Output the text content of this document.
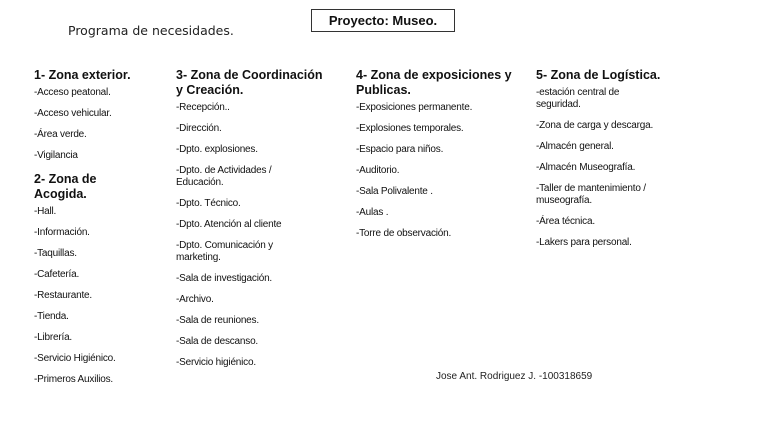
Programa de necesidades.
Proyecto: Museo.
1- Zona exterior.
-Acceso peatonal.
-Acceso vehicular.
-Área verde.
-Vigilancia
2- Zona de Acogida.
-Hall.
-Información.
-Taquillas.
-Cafetería.
-Restaurante.
-Tienda.
-Librería.
-Servicio Higiénico.
-Primeros Auxilios.
3- Zona de Coordinación y Creación.
-Recepción..
-Dirección.
-Dpto. explosiones.
-Dpto. de Actividades / Educación.
-Dpto. Técnico.
-Dpto. Atención al cliente
-Dpto. Comunicación y marketing.
-Sala de investigación.
-Archivo.
-Sala de reuniones.
-Sala de descanso.
-Servicio higiénico.
4- Zona de exposiciones y Publicas.
-Exposiciones permanente.
-Explosiones temporales.
-Espacio para niños.
-Auditorio.
-Sala Polivalente .
-Aulas .
-Torre de observación.
5- Zona de Logística.
-estación central de seguridad.
-Zona de carga y descarga.
-Almacén general.
-Almacén Museografía.
-Taller de mantenimiento / museografía.
-Área técnica.
-Lakers para personal.
Jose Ant. Rodriguez J. -100318659
